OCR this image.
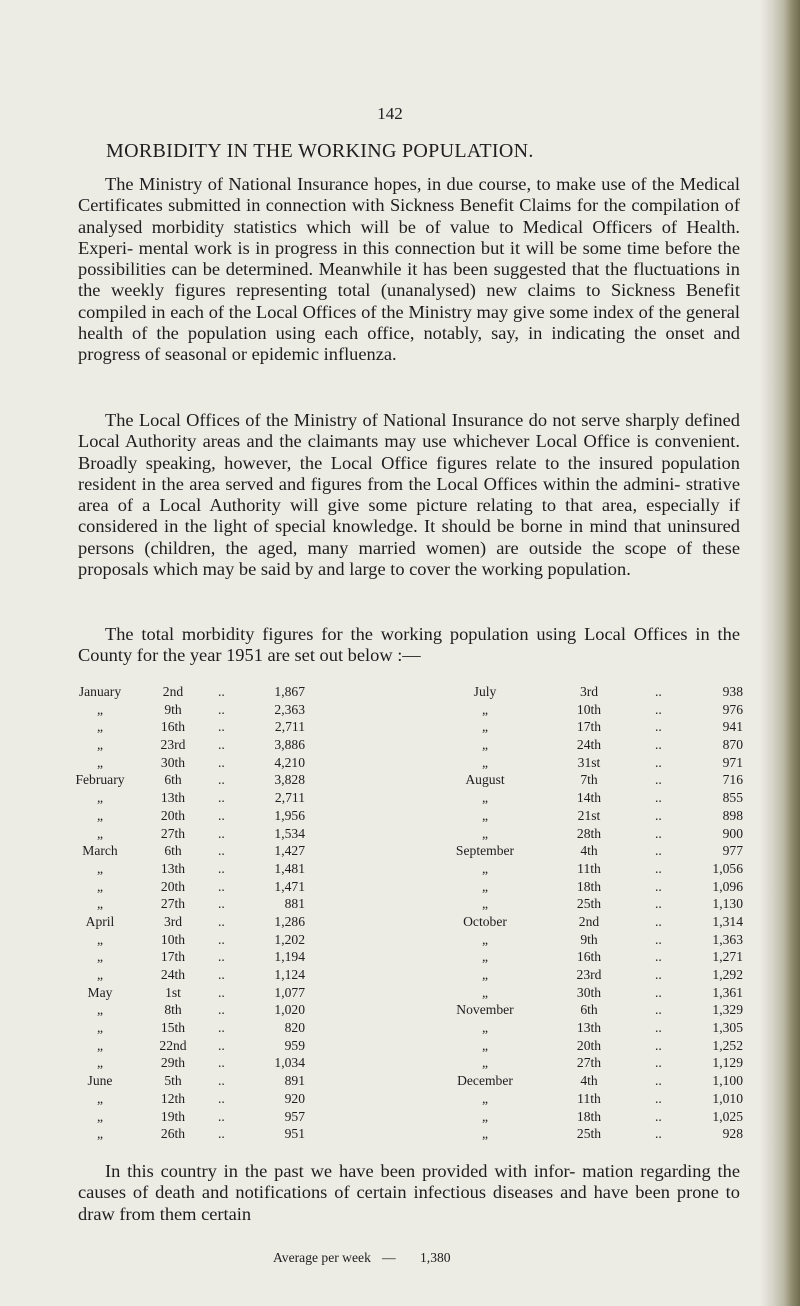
142
MORBIDITY IN THE WORKING POPULATION.

The Ministry of National Insurance hopes, in due course, to make use of the Medical Certificates submitted in connection with Sickness Benefit Claims for the compilation of analysed morbidity statistics which will be of value to Medical Officers of Health. Experi- mental work is in progress in this connection but it will be some time before the possibilities can be determined. Meanwhile it has been suggested that the fluctuations in the weekly figures representing total (unanalysed) new claims to Sickness Benefit compiled in each of the Local Offices of the Ministry may give some index of the general health of the population using each office, notably, say, in indicating the onset and progress of seasonal or epidemic influenza.

The Local Offices of the Ministry of National Insurance do not serve sharply defined Local Authority areas and the claimants may use whichever Local Office is convenient. Broadly speaking, however, the Local Office figures relate to the insured population resident in the area served and figures from the Local Offices within the admini- strative area of a Local Authority will give some picture relating to that area, especially if considered in the light of special knowledge. It should be borne in mind that uninsured persons (children, the aged, many married women) are outside the scope of these proposals which may be said by and large to cover the working population.

The total morbidity figures for the working population using Local Offices in the County for the year 1951 are set out below :—

January	2nd	..	1,867
„	9th	..	2,363
„	16th	..	2,711
„	23rd	..	3,886
„	30th	..	4,210
February	6th	..	3,828
„	13th	..	2,711
„	20th	..	1,956
„	27th	..	1,534
March	6th	..	1,427
„	13th	..	1,481
„	20th	..	1,471
„	27th	..	881
April	3rd	..	1,286
„	10th	..	1,202
„	17th	..	1,194
„	24th	..	1,124
May	1st	..	1,077
„	8th	..	1,020
„	15th	..	820
„	22nd	..	959
„	29th	..	1,034
June	5th	..	891
„	12th	..	920
„	19th	..	957
„	26th	..	951
July	3rd	..	938
„	10th	..	976
„	17th	..	941
„	24th	..	870
„	31st	..	971
August	7th	..	716
„	14th	..	855
„	21st	..	898
„	28th	..	900
September	4th	..	977
„	11th	..	1,056
„	18th	..	1,096
„	25th	..	1,130
October	2nd	..	1,314
„	9th	..	1,363
„	16th	..	1,271
„	23rd	..	1,292
„	30th	..	1,361
November	6th	..	1,329
„	13th	..	1,305
„	20th	..	1,252
„	27th	..	1,129
December	4th	..	1,100
„	11th	..	1,010
„	18th	..	1,025
„	25th	..	928
Average per week — 1,380

In this country in the past we have been provided with infor- mation regarding the causes of death and notifications of certain infectious diseases and have been prone to draw from them certain
